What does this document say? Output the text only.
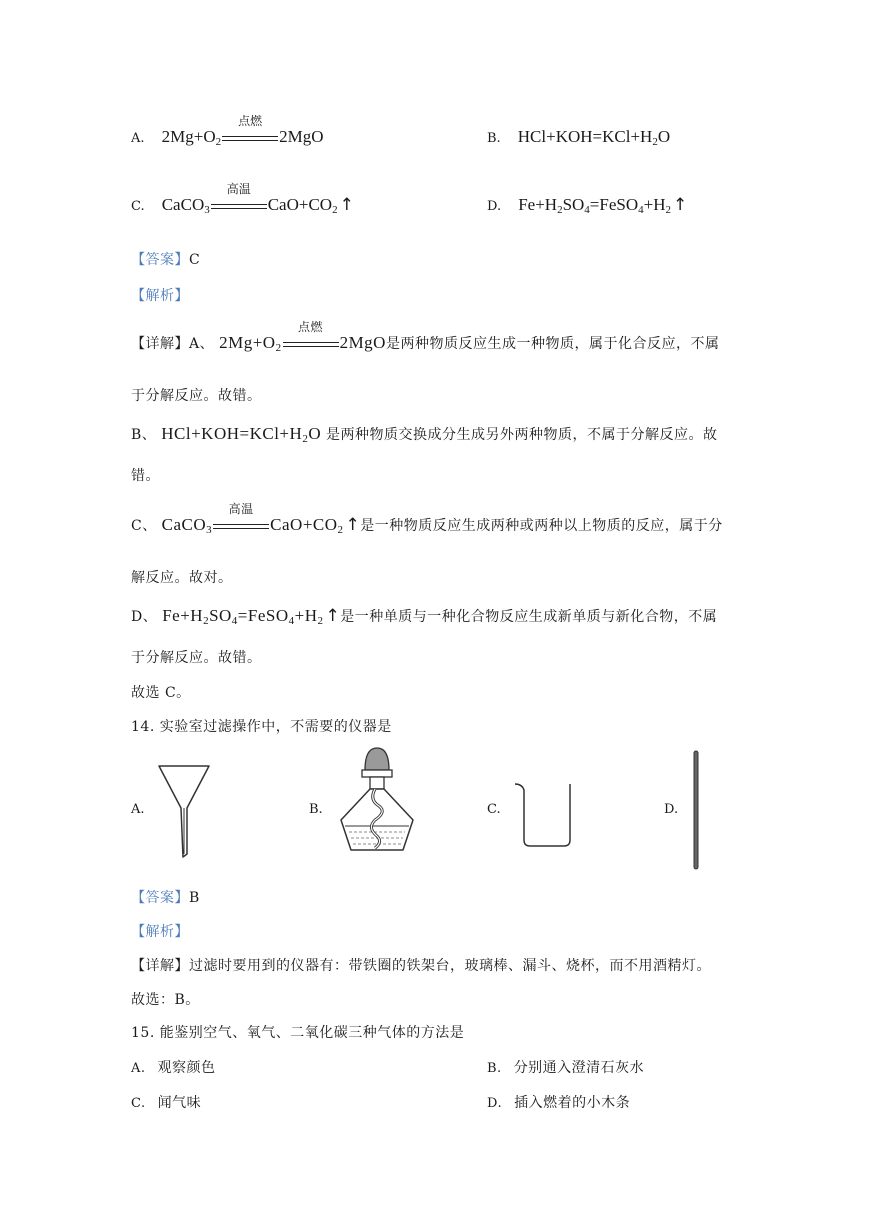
A. $2Mg+O_2$
点燃
2MgO	B. $HCl+KOH=KCl+H_2O$
C. CaCO$_3$
高温
$CaO+CO_2$ ↑	D. $Fe+H_2SO_4=FeSO_4+H_2$ ↑
【答案】C
【解析】
【详解】A、 $2Mg+O_2$
点燃
2MgO是两种物质反应生成一种物质，属于化合反应，不属
于分解反应。故错。
B、 $HCl+KOH=KCl+H_2O$ 是两种物质交换成分生成另外两种物质，不属于分解反应。故
错。
C、 CaCO$_3$
高温
$CaO+CO_2$ ↑是一种物质反应生成两种或两种以上物质的反应，属于分
解反应。故对。
D、 $Fe+H_2SO_4=FeSO_4+H_2$ ↑是一种单质与一种化合物反应生成新单质与新化合物，不属
于分解反应。故错。
故选 C。
14. 实验室过滤操作中，不需要的仪器是
A.	B.	C.	D.
【答案】B
【解析】
【详解】过滤时要用到的仪器有：带铁圈的铁架台，玻璃棒、漏斗、烧杯，而不用酒精灯。
故选：B。
15. 能鉴别空气、氧气、二氧化碳三种气体的方法是
A. 观察颜色	B. 分别通入澄清石灰水
C. 闻气味	D. 插入燃着的小木条
